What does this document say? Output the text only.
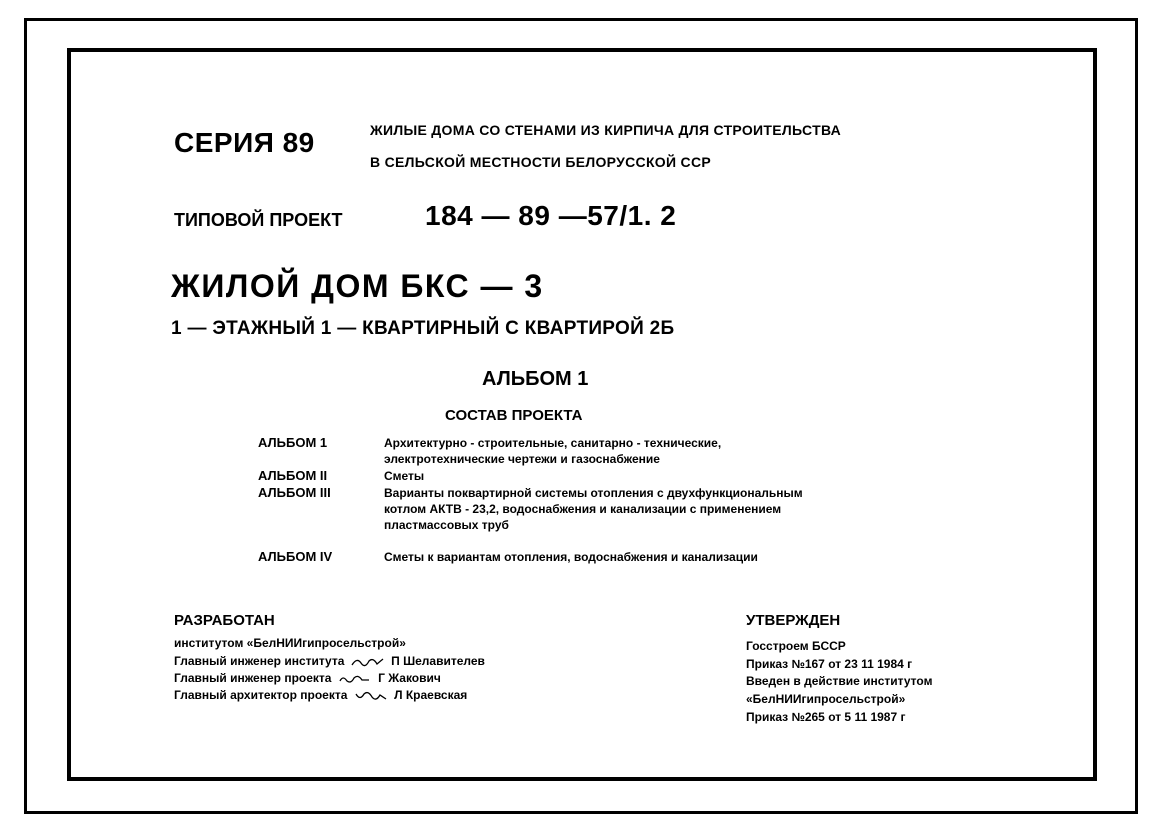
СЕРИЯ 89	ЖИЛЫЕ ДОМА СО СТЕНАМИ ИЗ КИРПИЧА ДЛЯ СТРОИТЕЛЬСТВА
В СЕЛЬСКОЙ МЕСТНОСТИ БЕЛОРУССКОЙ ССР
ТИПОВОЙ ПРОЕКТ	184 — 89 —57/1. 2
ЖИЛОЙ ДОМ БКС — 3
1 — ЭТАЖНЫЙ 1 — КВАРТИРНЫЙ С КВАРТИРОЙ 2Б
АЛЬБОМ 1
СОСТАВ ПРОЕКТА
АЛЬБОМ 1	Архитектурно - строительные, санитарно - технические,
электротехнические чертежи и газоснабжение
АЛЬБОМ II	Сметы
АЛЬБОМ III	Варианты поквартирной системы отопления с двухфункциональным
котлом АКТВ - 23,2, водоснабжения и канализации с применением
пластмассовых труб
АЛЬБОМ IV	Сметы к вариантам отопления, водоснабжения и канализации
РАЗРАБОТАН
институтом «БелНИИгипросельстрой»
Главный инженер института	П Шелавителев
Главный инженер проекта	Г Жакович
Главный архитектор проекта	Л Краевская
УТВЕРЖДЕН
Госстроем БССР
Приказ №167 от 23 11 1984 г
Введен в действие институтом
«БелНИИгипросельстрой»
Приказ №265 от 5 11 1987 г
